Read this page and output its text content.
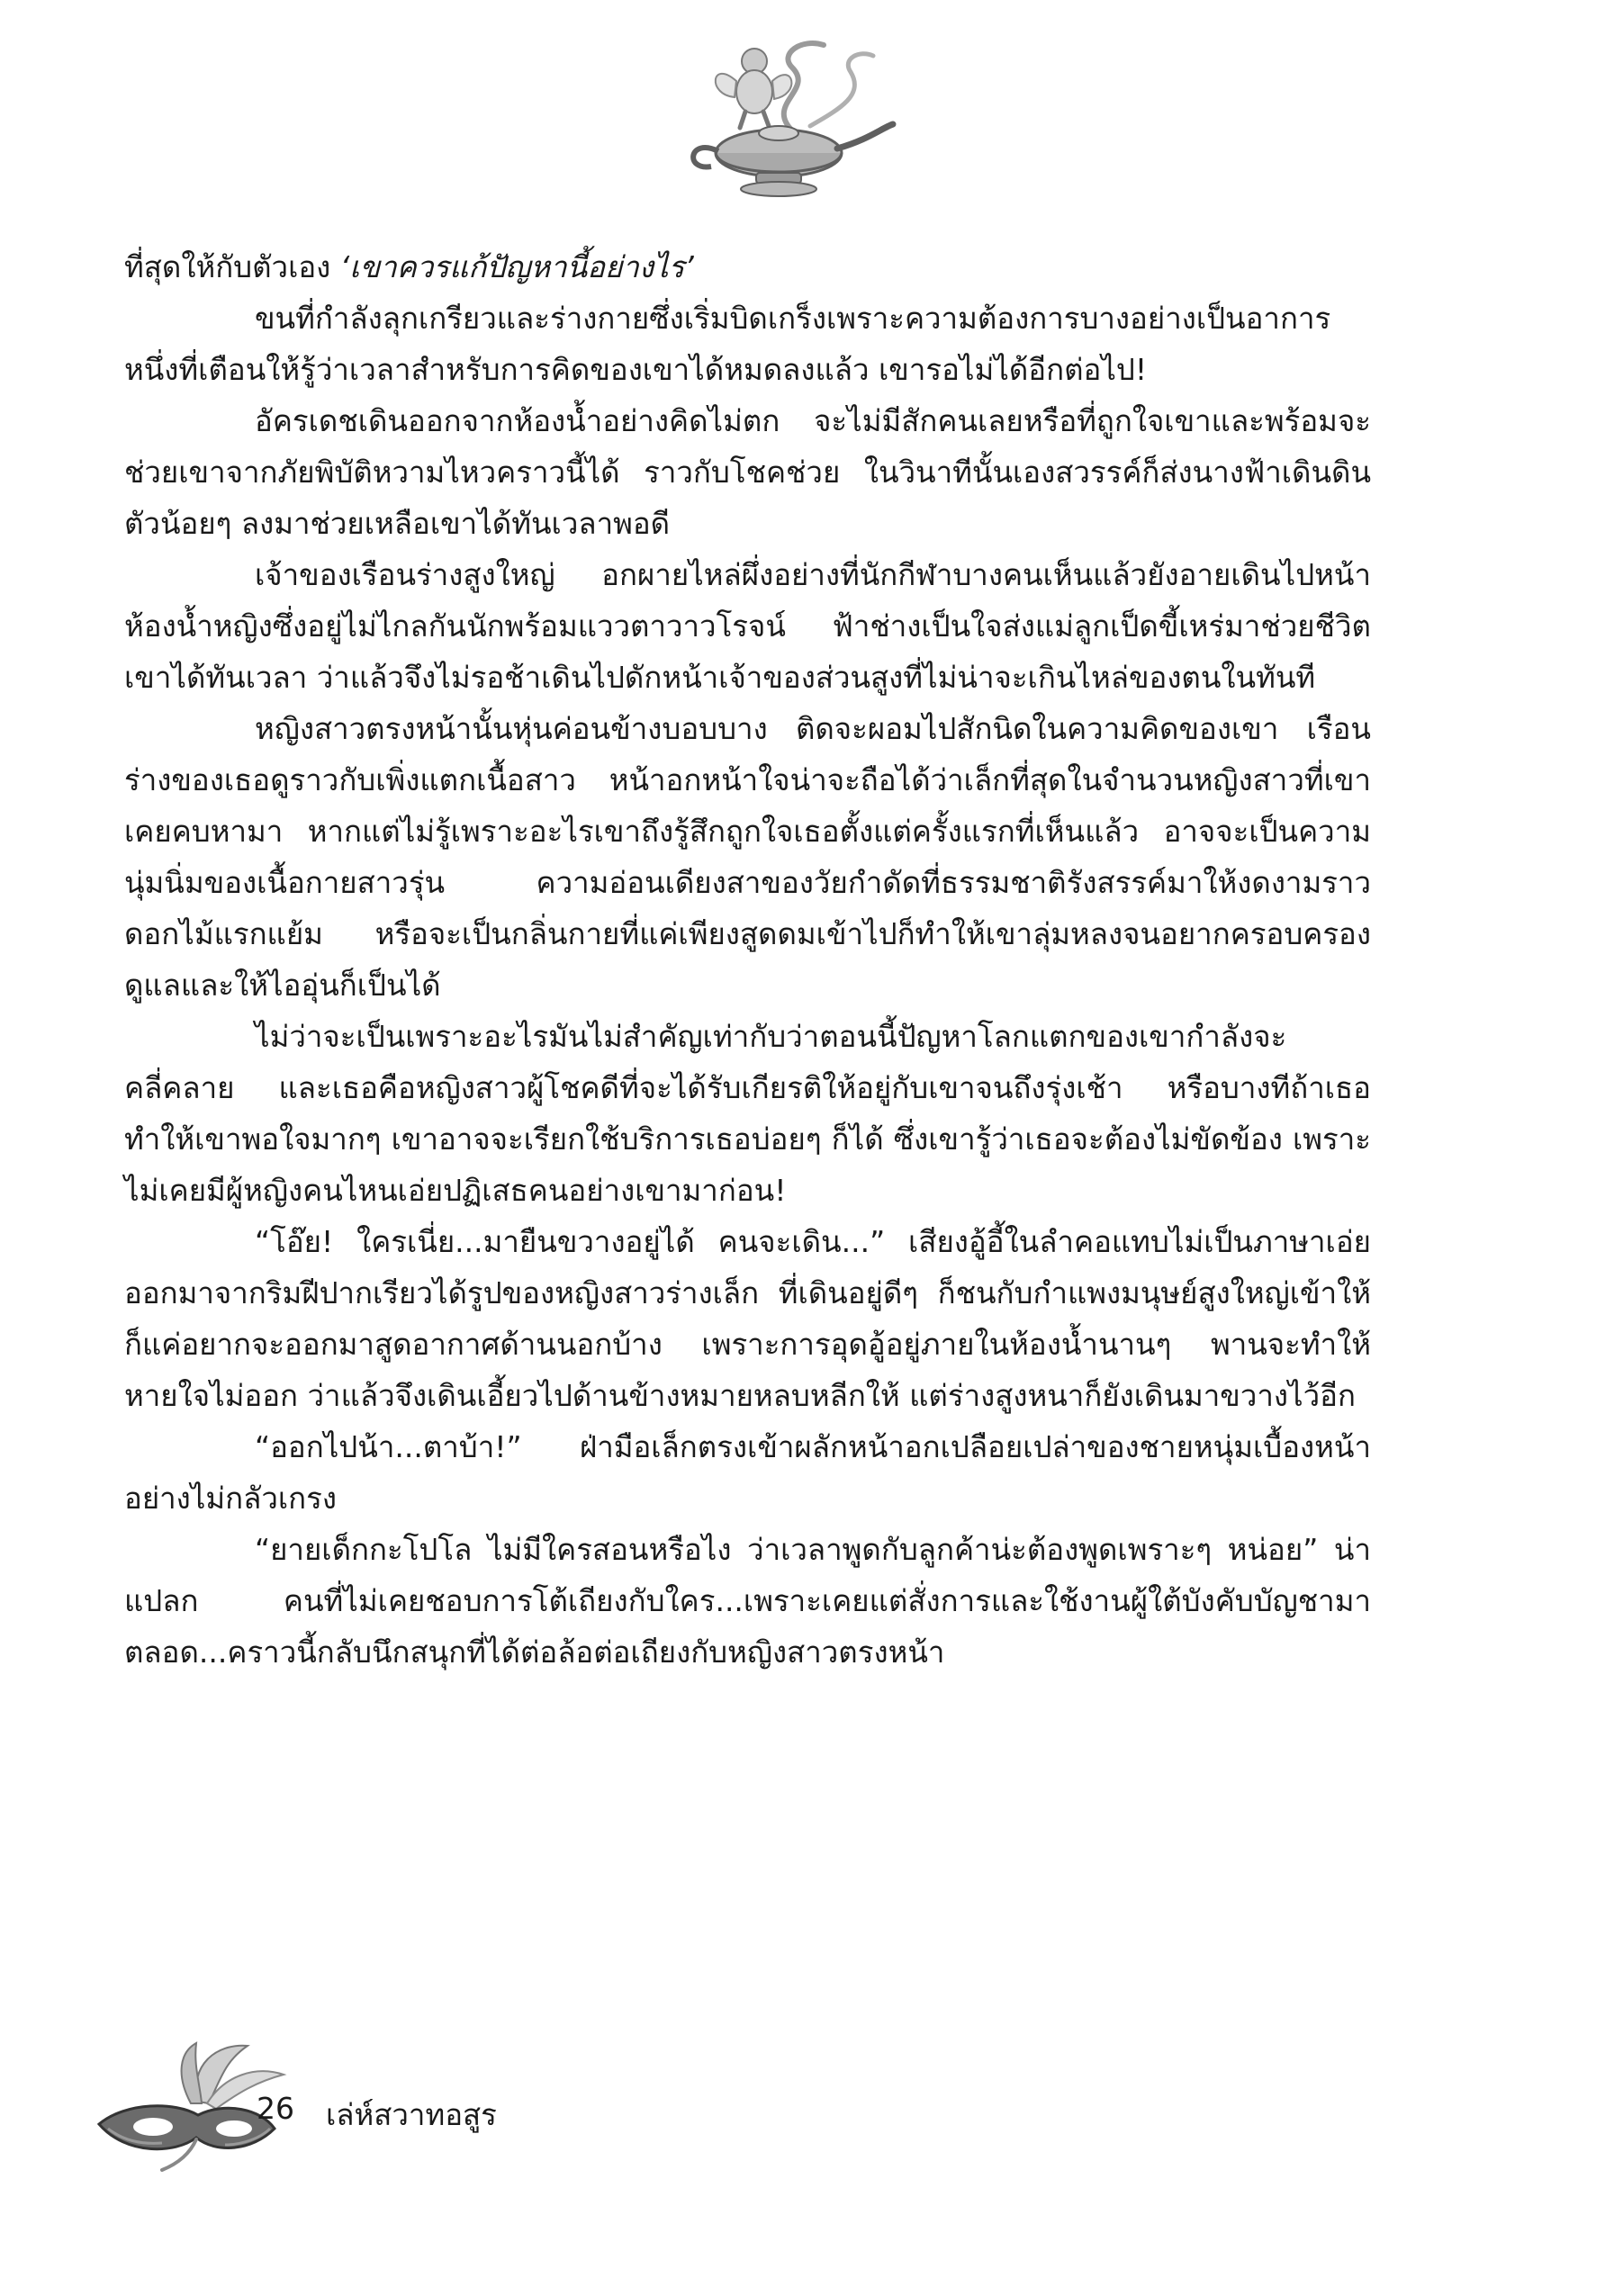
ที่สุดให้กับตัวเอง ‘เขาควรแก้ปัญหานี้อย่างไร’

ขนที่กำลังลุกเกรียวและร่างกายซึ่งเริ่มบิดเกร็งเพราะความต้องการบางอย่างเป็นอาการหนึ่งที่เตือนให้รู้ว่าเวลาสำหรับการคิดของเขาได้หมดลงแล้ว เขารอไม่ได้อีกต่อไป!

อัครเดชเดินออกจากห้องน้ำอย่างคิดไม่ตก จะไม่มีสักคนเลยหรือที่ถูกใจเขาและพร้อมจะช่วยเขาจากภัยพิบัติหวามไหวคราวนี้ได้ ราวกับโชคช่วย ในวินาทีนั้นเองสวรรค์ก็ส่งนางฟ้าเดินดินตัวน้อยๆ ลงมาช่วยเหลือเขาได้ทันเวลาพอดี

เจ้าของเรือนร่างสูงใหญ่ อกผายไหล่ผึ่งอย่างที่นักกีฬาบางคนเห็นแล้วยังอายเดินไปหน้าห้องน้ำหญิงซึ่งอยู่ไม่ไกลกันนักพร้อมแววตาวาวโรจน์ ฟ้าช่างเป็นใจส่งแม่ลูกเป็ดขี้เหร่มาช่วยชีวิตเขาได้ทันเวลา ว่าแล้วจึงไม่รอช้าเดินไปดักหน้าเจ้าของส่วนสูงที่ไม่น่าจะเกินไหล่ของตนในทันที

หญิงสาวตรงหน้านั้นหุ่นค่อนข้างบอบบาง ติดจะผอมไปสักนิดในความคิดของเขา เรือนร่างของเธอดูราวกับเพิ่งแตกเนื้อสาว หน้าอกหน้าใจน่าจะถือได้ว่าเล็กที่สุดในจำนวนหญิงสาวที่เขาเคยคบหามา หากแต่ไม่รู้เพราะอะไรเขาถึงรู้สึกถูกใจเธอตั้งแต่ครั้งแรกที่เห็นแล้ว อาจจะเป็นความนุ่มนิ่มของเนื้อกายสาวรุ่น ความอ่อนเดียงสาของวัยกำดัดที่ธรรมชาติรังสรรค์มาให้งดงามราวดอกไม้แรกแย้ม หรือจะเป็นกลิ่นกายที่แค่เพียงสูดดมเข้าไปก็ทำให้เขาลุ่มหลงจนอยากครอบครองดูแลและให้ไออุ่นก็เป็นได้

ไม่ว่าจะเป็นเพราะอะไรมันไม่สำคัญเท่ากับว่าตอนนี้ปัญหาโลกแตกของเขากำลังจะคลี่คลาย และเธอคือหญิงสาวผู้โชคดีที่จะได้รับเกียรติให้อยู่กับเขาจนถึงรุ่งเช้า หรือบางทีถ้าเธอทำให้เขาพอใจมากๆ เขาอาจจะเรียกใช้บริการเธอบ่อยๆ ก็ได้ ซึ่งเขารู้ว่าเธอจะต้องไม่ขัดข้อง เพราะไม่เคยมีผู้หญิงคนไหนเอ่ยปฏิเสธคนอย่างเขามาก่อน!

“โอ๊ย! ใครเนี่ย...มายืนขวางอยู่ได้ คนจะเดิน...” เสียงอู้อี้ในลำคอแทบไม่เป็นภาษาเอ่ยออกมาจากริมฝีปากเรียวได้รูปของหญิงสาวร่างเล็ก ที่เดินอยู่ดีๆ ก็ชนกับกำแพงมนุษย์สูงใหญ่เข้าให้ ก็แค่อยากจะออกมาสูดอากาศด้านนอกบ้าง เพราะการอุดอู้อยู่ภายในห้องน้ำนานๆ พานจะทำให้หายใจไม่ออก ว่าแล้วจึงเดินเอี้ยวไปด้านข้างหมายหลบหลีกให้ แต่ร่างสูงหนาก็ยังเดินมาขวางไว้อีก

“ออกไปน้า...ตาบ้า!” ฝ่ามือเล็กตรงเข้าผลักหน้าอกเปลือยเปล่าของชายหนุ่มเบื้องหน้าอย่างไม่กลัวเกรง

“ยายเด็กกะโปโล ไม่มีใครสอนหรือไง ว่าเวลาพูดกับลูกค้าน่ะต้องพูดเพราะๆ หน่อย” น่าแปลก คนที่ไม่เคยชอบการโต้เถียงกับใคร...เพราะเคยแต่สั่งการและใช้งานผู้ใต้บังคับบัญชามาตลอด...คราวนี้กลับนึกสนุกที่ได้ต่อล้อต่อเถียงกับหญิงสาวตรงหน้า

26 เล่ห์สวาทอสูร
